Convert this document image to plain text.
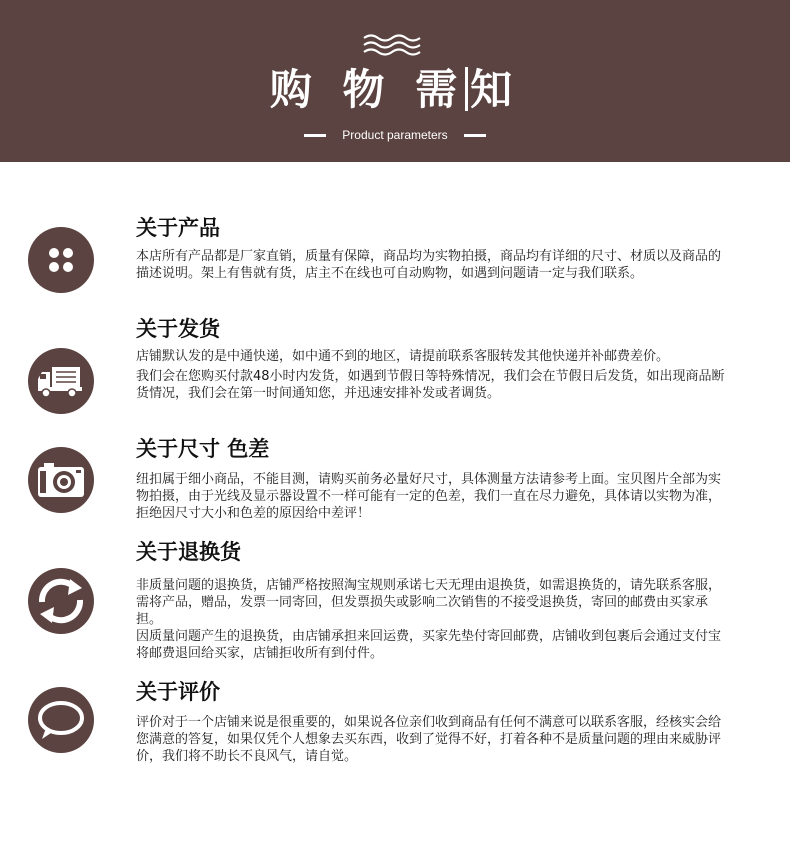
购 物 需 知
Product parameters
关于产品

本店所有产品都是厂家直销，质量有保障，商品均为实物拍摄，商品均有详细的尺寸、材质以及商品的描述说明。架上有售就有货，店主不在线也可自动购物，如遇到问题请一定与我们联系。

关于发货

店铺默认发的是中通快递，如中通不到的地区，请提前联系客服转发其他快递并补邮费差价。

我们会在您购买付款48小时内发货，如遇到节假日等特殊情况，我们会在节假日后发货，如出现商品断货情况，我们会在第一时间通知您，并迅速安排补发或者调货。

关于尺寸 色差

纽扣属于细小商品，不能目测，请购买前务必量好尺寸，具体测量方法请参考上面。宝贝图片全部为实物拍摄，由于光线及显示器设置不一样可能有一定的色差，我们一直在尽力避免，具体请以实物为准，拒绝因尺寸大小和色差的原因给中差评！

关于退换货

非质量问题的退换货，店铺严格按照淘宝规则承诺七天无理由退换货，如需退换货的，请先联系客服，需将产品，赠品，发票一同寄回，但发票损失或影响二次销售的不接受退换货，寄回的邮费由买家承担。

因质量问题产生的退换货，由店铺承担来回运费，买家先垫付寄回邮费，店铺收到包裹后会通过支付宝将邮费退回给买家，店铺拒收所有到付件。

关于评价

评价对于一个店铺来说是很重要的，如果说各位亲们收到商品有任何不满意可以联系客服，经核实会给您满意的答复，如果仅凭个人想象去买东西，收到了觉得不好，打着各种不是质量问题的理由来威胁评价，我们将不助长不良风气，请自觉。
